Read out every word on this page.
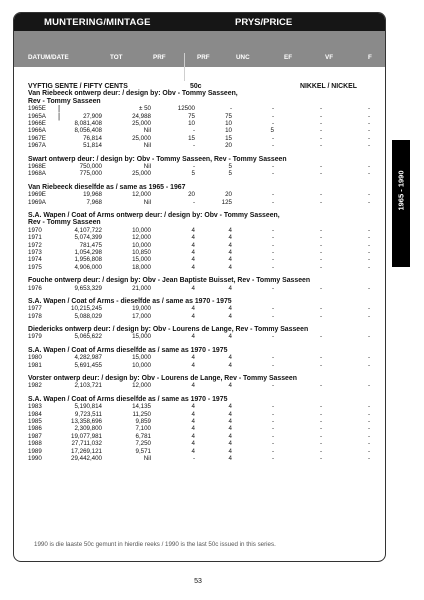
MUNTERING/MINTAGE	PRYS/PRICE
DATUM/DATE	TOT	PRF	PRF	UNC	EF	VF	F
VYFTIG SENTE / FIFTY CENTS	50c	NIKKEL / NICKEL
Van Riebeeck ontwerp deur: / design by: Obv - Tommy Sasseen,
Rev - Tommy Sasseen
1965E	± 50	12500	-	-	-	-
|
1965A	27,909	24,988	75	75	-	-	-
|
1966E	8,081,408	25,000	10	10	-	-	-
1966A	8,056,408	Nil	-	10	5	-	-
1967E	76,814	25,000	15	15	-	-	-
1967A	51,814	Nil	-	20	-	-	-
Swart ontwerp deur: / design by: Obv - Tommy Sasseen, Rev - Tommy Sasseen
1968E	750,000	Nil	-	5	-	-	-
1968A	775,000	25,000	5	5	-	-	-
Van Riebeeck dieselfde as / same as 1965 - 1967
1969E	19,968	12,000	20	20	-	-	-
1969A	7,968	Nil	-	125	-	-	-
S.A. Wapen / Coat of Arms ontwerp deur: / design by: Obv - Tommy Sasseen,
Rev - Tommy Sasseen
1970	4,107,722	10,000	4	4	-	-	-
1971	5,074,399	12,000	4	4	-	-	-
1972	781,475	10,000	4	4	-	-	-
1973	1,054,298	10,850	4	4	-	-	-
1974	1,956,808	15,000	4	4	-	-	-
1975	4,906,000	18,000	4	4	-	-	-
Fouche ontwerp deur: / design by: Obv - Jean Baptiste Buisset, Rev - Tommy Sasseen
1976	9,653,329	21,000	4	4	-	-	-
S.A. Wapen / Coat of Arms - dieselfde as / same as 1970 - 1975
1977	10,215,245	19,000	4	4	-	-	-
1978	5,088,029	17,000	4	4	-	-	-
Diedericks ontwerp deur: / design by: Obv - Lourens de Lange, Rev - Tommy Sasseen
1979	5,065,622	15,000	4	4	-	-	-
S.A. Wapen / Coat of Arms dieselfde as / same as 1970 - 1975
1980	4,282,987	15,000	4	4	-	-	-
1981	5,691,455	10,000	4	4	-	-	-
Vorster ontwerp deur: / design by: Obv - Lourens de Lange, Rev - Tommy Sasseen
1982	2,103,721	12,000	4	4	-	-	-
S.A. Wapen / Coat of Arms dieselfde as / same as 1970 - 1975
1983	5,190,814	14,135	4	4	-	-	-
1984	9,723,511	11,250	4	4	-	-	-
1985	13,358,696	9,859	4	4	-	-	-
1986	2,309,800	7,100	4	4	-	-	-
1987	19,077,981	6,781	4	4	-	-	-
1988	27,711,032	7,250	4	4	-	-	-
1989	17,269,121	9,571	4	4	-	-	-
1990	29,442,400	Nil	-	4	-	-	-
1990 is die laaste 50c gemunt in hierdie reeks / 1990 is the last 50c issued in this series.
1965 - 1990
53
